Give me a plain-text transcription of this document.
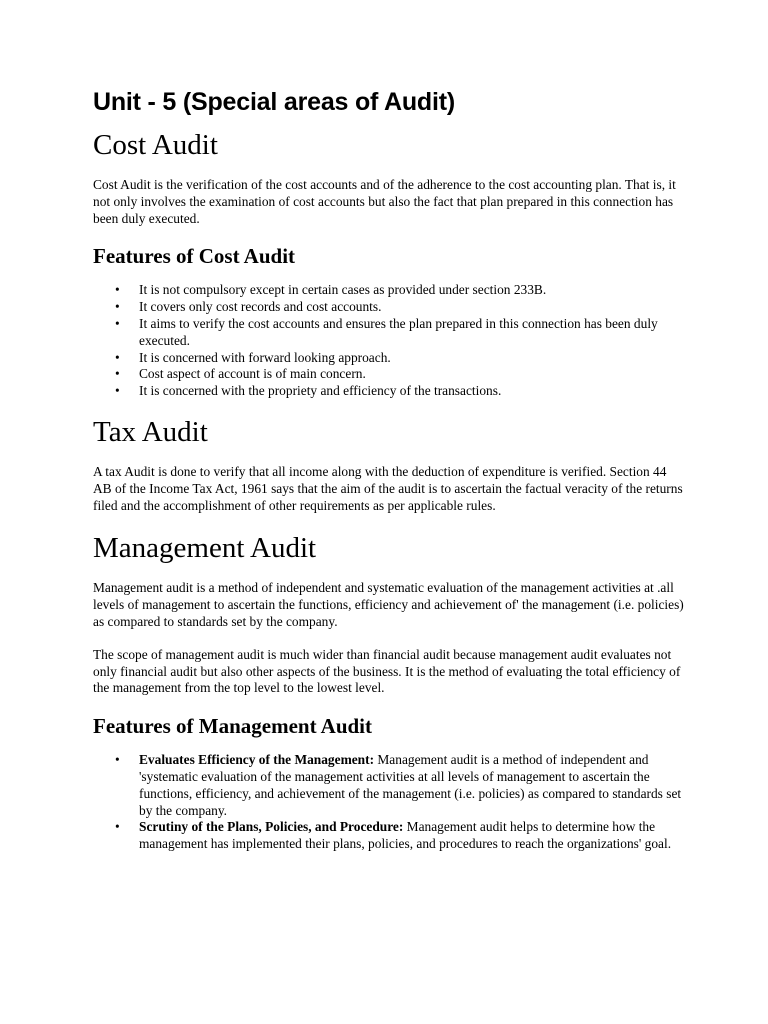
Unit - 5 (Special areas of Audit)
Cost Audit

Cost Audit is the verification of the cost accounts and of the adherence to the cost accounting plan. That is, it not only involves the examination of cost accounts but also the fact that plan prepared in this connection has been duly executed.

Features of Cost Audit
• It is not compulsory except in certain cases as provided under section 233B.
• It covers only cost records and cost accounts.
• It aims to verify the cost accounts and ensures the plan prepared in this connection has been duly executed.
• It is concerned with forward looking approach.
• Cost aspect of account is of main concern.
• It is concerned with the propriety and efficiency of the transactions.
Tax Audit

A tax Audit is done to verify that all income along with the deduction of expenditure is verified. Section 44 AB of the Income Tax Act, 1961 says that the aim of the audit is to ascertain the factual veracity of the returns filed and the accomplishment of other requirements as per applicable rules.

Management Audit

Management audit is a method of independent and systematic evaluation of the management activities at .all levels of management to ascertain the functions, efficiency and achievement of' the management (i.e. policies) as compared to standards set by the company.

The scope of management audit is much wider than financial audit because management audit evaluates not only financial audit but also other aspects of the business. It is the method of evaluating the total efficiency of the management from the top level to the lowest level.

Features of Management Audit
• Evaluates Efficiency of the Management: Management audit is a method of independent and 'systematic evaluation of the management activities at all levels of management to ascertain the functions, efficiency, and achievement of the management (i.e. policies) as compared to standards set by the company.
• Scrutiny of the Plans, Policies, and Procedure: Management audit helps to determine how the management has implemented their plans, policies, and procedures to reach the organizations' goal.
